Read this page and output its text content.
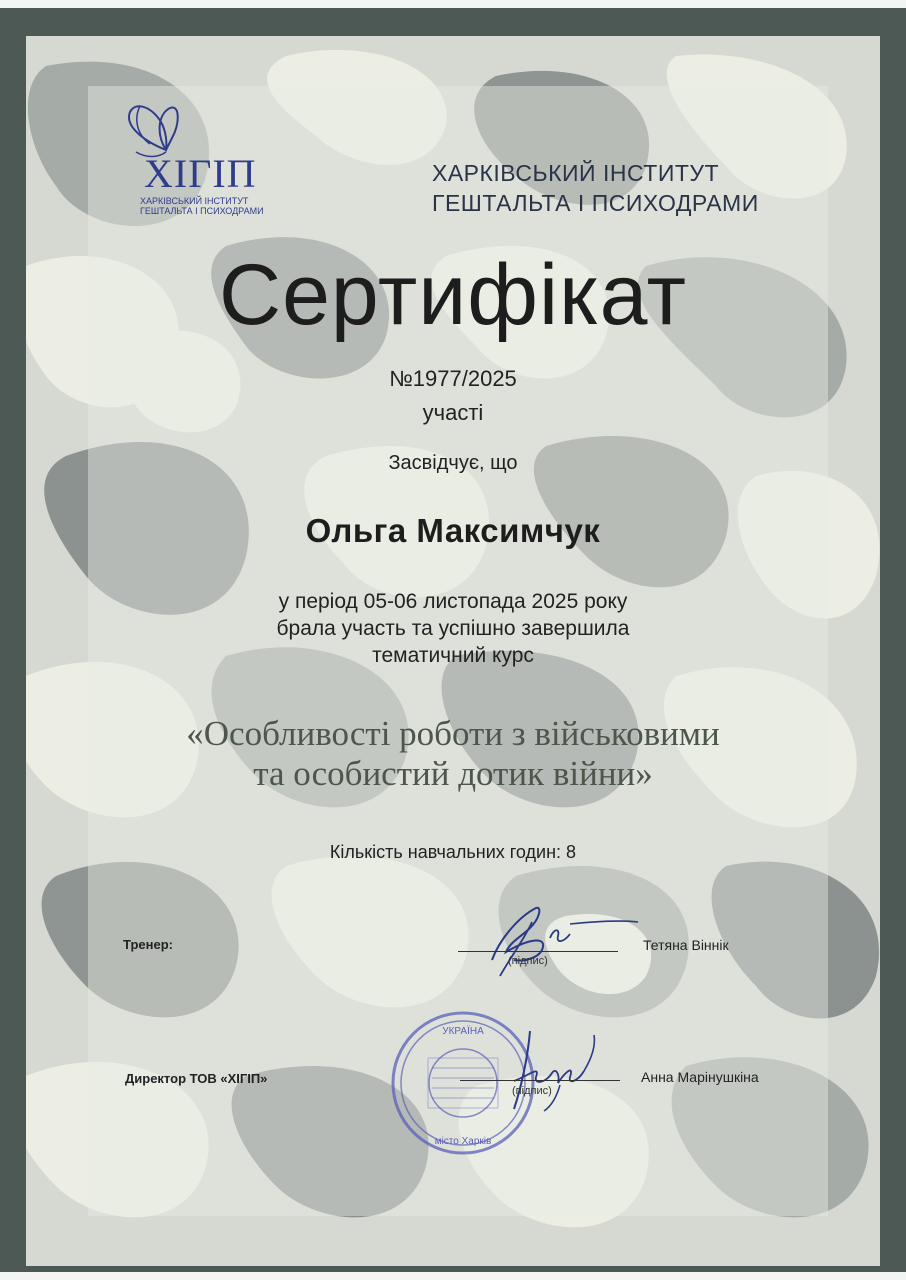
ХІГІП
ХАРКІВСЬКИЙ ІНСТИТУТ ГЕШТАЛЬТА І ПСИХОДРАМИ
ХАРКІВСЬКИЙ ІНСТИТУТ
ГЕШТАЛЬТА І ПСИХОДРАМИ
Сертифікат
№1977/2025
участі
Засвідчує, що
Ольга Максимчук
у період 05-06 листопада 2025 року
брала участь та успішно завершила
тематичний курс
«Особливості роботи з військовими
та особистий дотик війни»
Кількість навчальних годин: 8
Тренер:
(підпис)
Тетяна Віннік
УКРАЇНА
місто Харків
Директор ТОВ «ХІГІП»
(підпис)
Анна Марінушкіна
